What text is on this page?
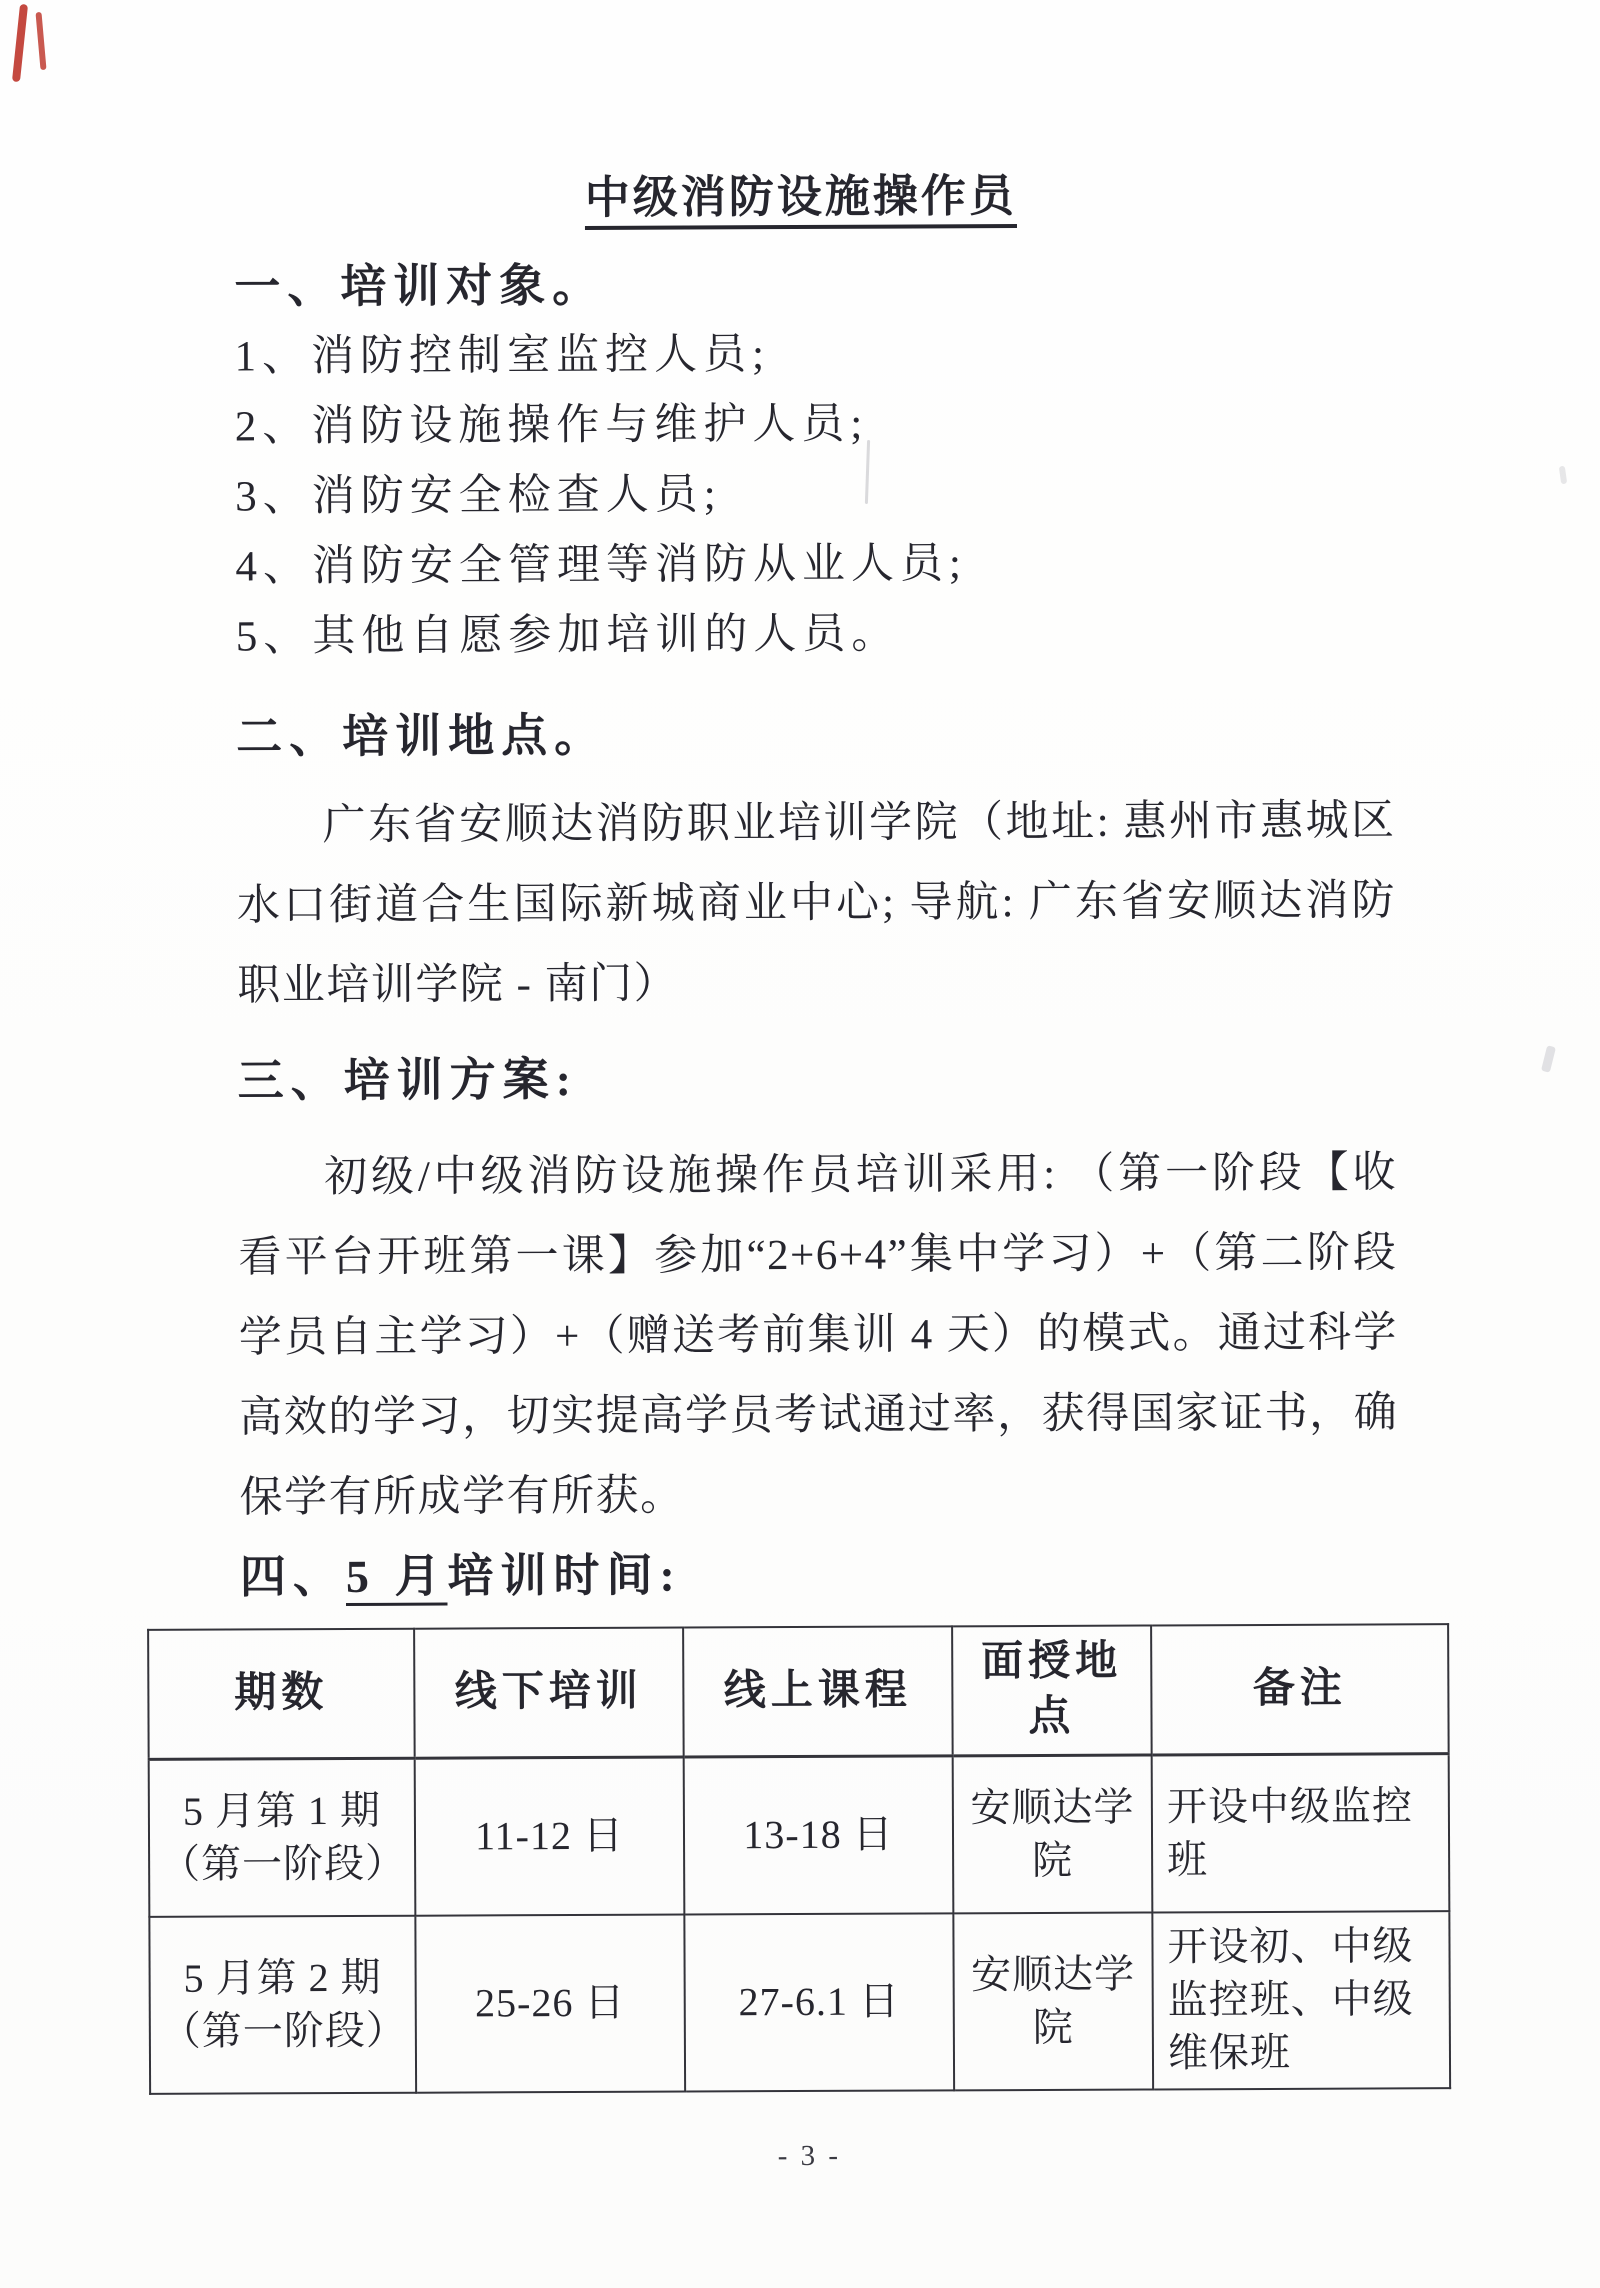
中级消防设施操作员
一、培训对象。
1、消防控制室监控人员;
2、消防设施操作与维护人员;
3、消防安全检查人员;
4、消防安全管理等消防从业人员;
5、其他自愿参加培训的人员。
二、培训地点。
广东省安顺达消防职业培训学院（地址: 惠州市惠城区
水口街道合生国际新城商业中心; 导航: 广东省安顺达消防
职业培训学院 - 南门）
三、培训方案:
初级/中级消防设施操作员培训采用: （第一阶段【收
看平台开班第一课】参加“2+6+4”集中学习）+（第二阶段
学员自主学习）+（赠送考前集训 4 天）的模式。通过科学
高效的学习，切实提高学员考试通过率，获得国家证书，确
保学有所成学有所获。
四、5 月培训时间:
期数	线下培训	线上课程	面授地点	备注
5 月第 1 期（第一阶段）	11-12 日	13-18 日	安顺达学院	开设中级监控班
5 月第 2 期（第一阶段）	25-26 日	27-6.1 日	安顺达学院	开设初、中级监控班、中级维保班
- 3 -
